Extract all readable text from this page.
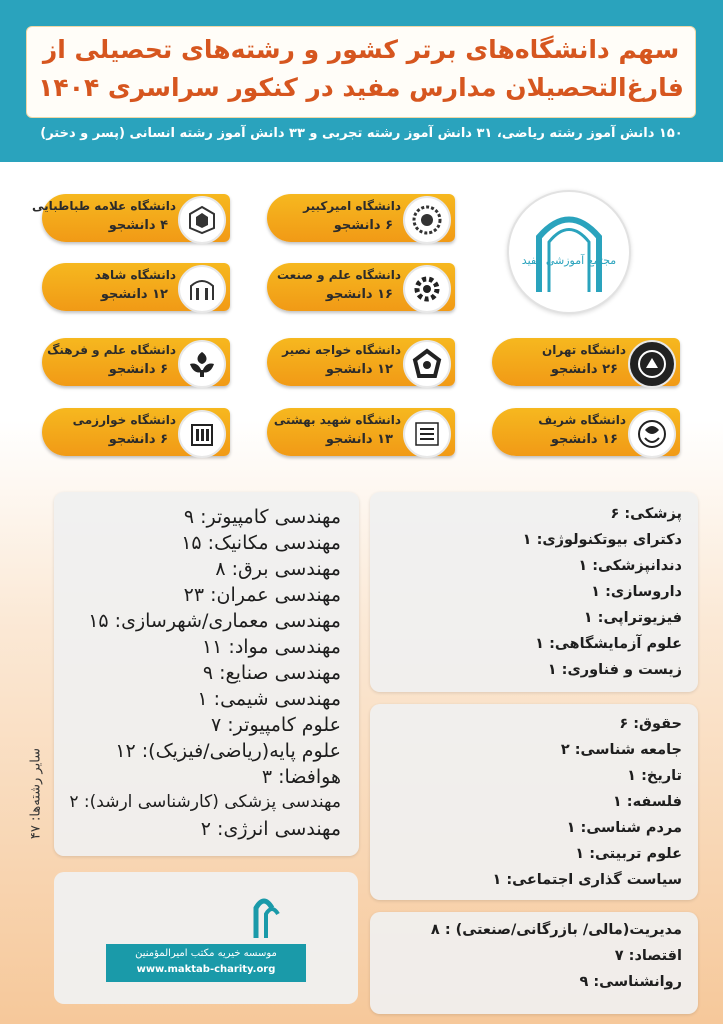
سهم دانشگاه‌های برتر کشور و رشته‌های تحصیلی از
فارغ‌التحصیلان مدارس مفید در کنکور سراسری ۱۴۰۴
۱۵۰ دانش آموز رشته ریاضی، ۳۱ دانش آموز رشته تجربی و ۳۳ دانش آموز رشته انسانی (پسر و دختر)
مجتمع آموزشی مفید
دانشگاه علامه طباطبایی
۴ دانشجو
دانشگاه امیرکبیر
۶ دانشجو
دانشگاه شاهد
۱۲ دانشجو
دانشگاه علم و صنعت
۱۶ دانشجو
دانشگاه علم و فرهنگ
۶ دانشجو
دانشگاه خواجه نصیر
۱۲ دانشجو
دانشگاه تهران
۲۶ دانشجو
دانشگاه خوارزمی
۶ دانشجو
دانشگاه شهید بهشتی
۱۳ دانشجو
دانشگاه شریف
۱۶ دانشجو
مهندسی کامپیوتر: ۹
مهندسی مکانیک: ۱۵
مهندسی برق: ۸
مهندسی عمران: ۲۳
مهندسی معماری/شهرسازی: ۱۵
مهندسی مواد: ۱۱
مهندسی صنایع: ۹
مهندسی شیمی: ۱
علوم کامپیوتر: ۷
علوم پایه(ریاضی/فیزیک): ۱۲
هوافضا: ۳
مهندسی پزشکی (کارشناسی ارشد): ۲
مهندسی انرژی: ۲
سایر رشته‌ها: ۴۷
پزشکی: ۶
دکترای بیوتکنولوژی: ۱
دندانپزشکی: ۱
داروسازی: ۱
فیزیوتراپی: ۱
علوم آزمایشگاهی: ۱
زیست و فناوری: ۱
حقوق: ۶
جامعه شناسی: ۲
تاریخ: ۱
فلسفه: ۱
مردم شناسی: ۱
علوم تربیتی: ۱
سیاست گذاری اجتماعی: ۱
مدیریت(مالی/ بازرگانی/صنعتی) : ۸
اقتصاد: ۷
روانشناسی: ۹
موسسه خیریه مکتب امیرالمؤمنین
www.maktab-charity.org
